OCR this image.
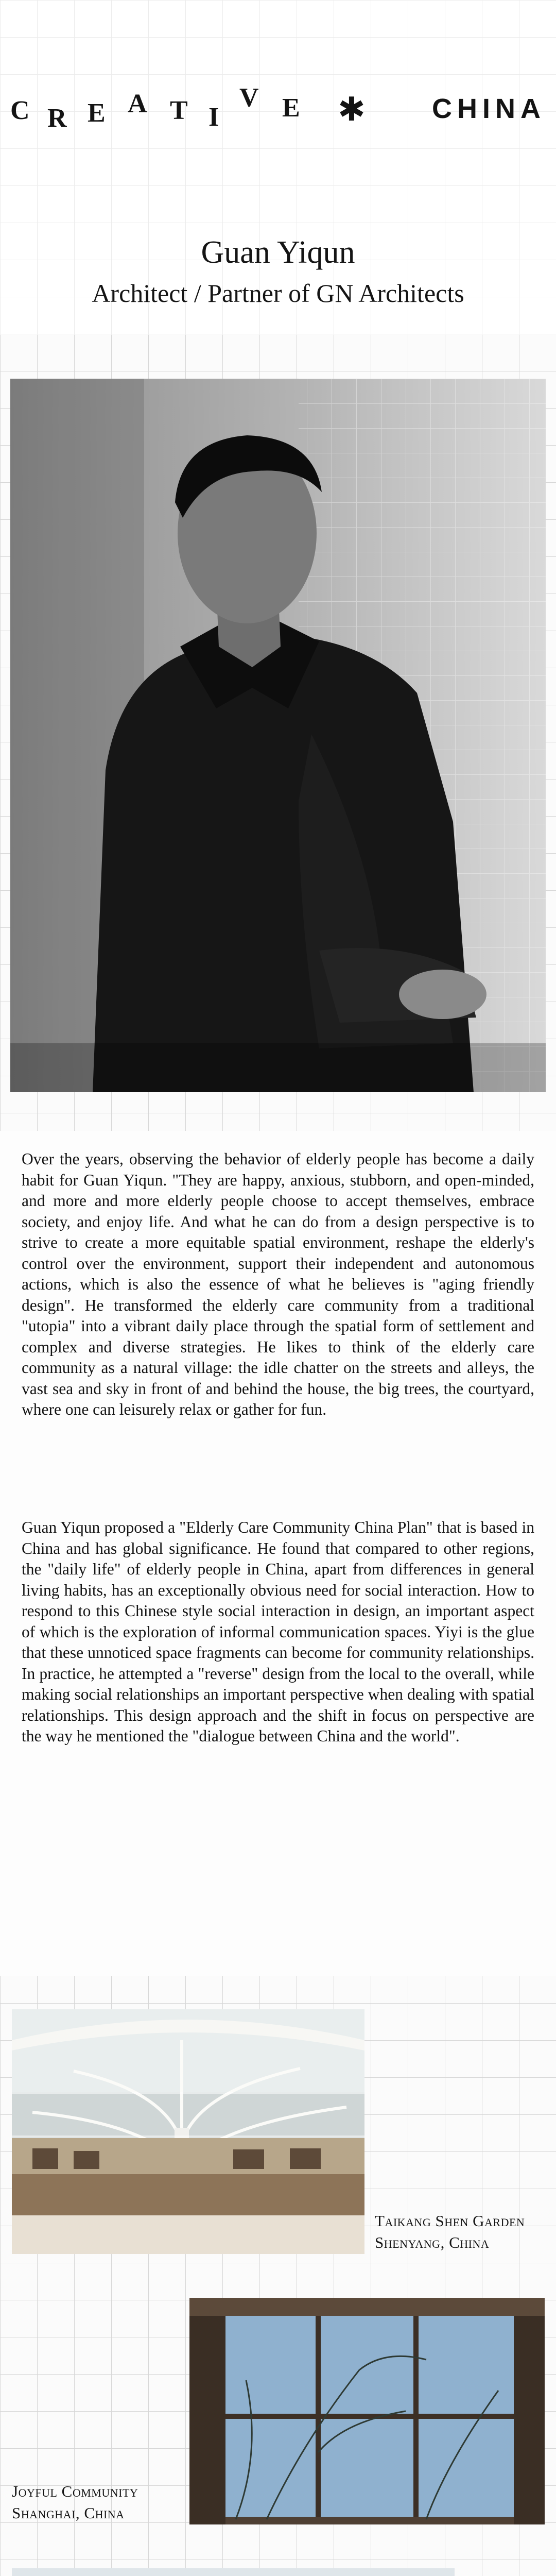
C R E A T I
V E ✱ CHINA
Guan Yiqun
Architect / Partner of GN Architects

Over the years, observing the behavior of elderly people has become a daily habit for Guan Yiqun. "They are happy, anxious, stubborn, and open-minded, and more and more elderly people choose to accept themselves, embrace society, and enjoy life. And what he can do from a design perspective is to strive to create a more equitable spatial environment, reshape the elderly's control over the environment, support their independent and autonomous actions, which is also the essence of what he believes is "aging friendly design". He transformed the elderly care community from a traditional "utopia" into a vibrant daily place through the spatial form of settlement and complex and diverse strategies. He likes to think of the elderly care community as a natural village: the idle chatter on the streets and alleys, the vast sea and sky in front of and behind the house, the big trees, the courtyard, where one can leisurely relax or gather for fun.

Guan Yiqun proposed a "Elderly Care Community China Plan" that is based in China and has global significance. He found that compared to other regions, the "daily life" of elderly people in China, apart from differences in general living habits, has an exceptionally obvious need for social interaction. How to respond to this Chinese style social interaction in design, an important aspect of which is the exploration of informal communication spaces. Yiyi is the glue that these unnoticed space fragments can become for community relationships. In practice, he attempted a "reverse" design from the local to the overall, while making social relationships an important perspective when dealing with spatial relationships. This design approach and the shift in focus on perspective are the way he mentioned the "dialogue between China and the world".

Taikang Shen Garden
Shenyang, China
Joyful Community
Shanghai, China
